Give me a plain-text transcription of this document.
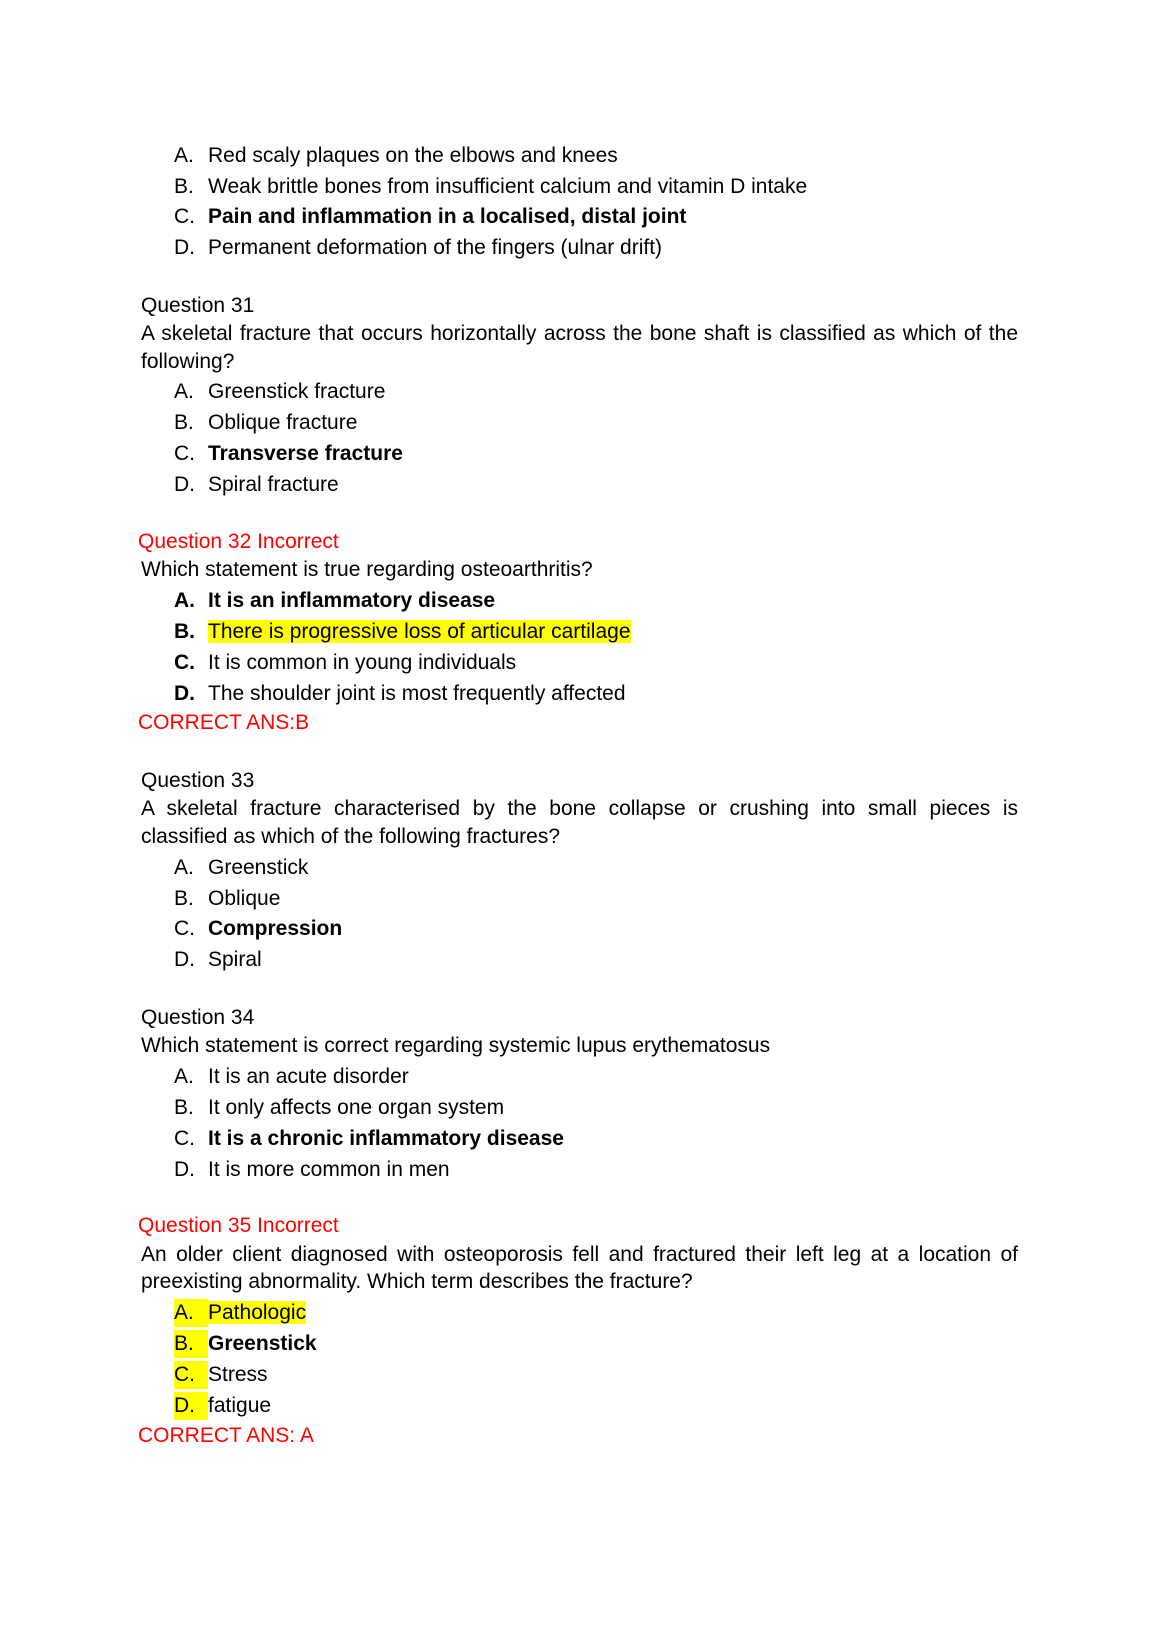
A. Red scaly plaques on the elbows and knees
B. Weak brittle bones from insufficient calcium and vitamin D intake
C. Pain and inflammation in a localised, distal joint
D. Permanent deformation of the fingers (ulnar drift)
Question 31
A skeletal fracture that occurs horizontally across the bone shaft is classified as which of the
following?
A. Greenstick fracture
B. Oblique fracture
C. Transverse fracture
D. Spiral fracture
Question 32 Incorrect
Which statement is true regarding osteoarthritis?
A. It is an inflammatory disease
B. There is progressive loss of articular cartilage
C. It is common in young individuals
D. The shoulder joint is most frequently affected
CORRECT ANS:B
Question 33
A skeletal fracture characterised by the bone collapse or crushing into small pieces is
classified as which of the following fractures?
A. Greenstick
B. Oblique
C. Compression
D. Spiral
Question 34
Which statement is correct regarding systemic lupus erythematosus
A. It is an acute disorder
B. It only affects one organ system
C. It is a chronic inflammatory disease
D. It is more common in men
Question 35 Incorrect
An older client diagnosed with osteoporosis fell and fractured their left leg at a location of
preexisting abnormality. Which term describes the fracture?
A. Pathologic
B. Greenstick
C. Stress
D. fatigue
CORRECT ANS: A
